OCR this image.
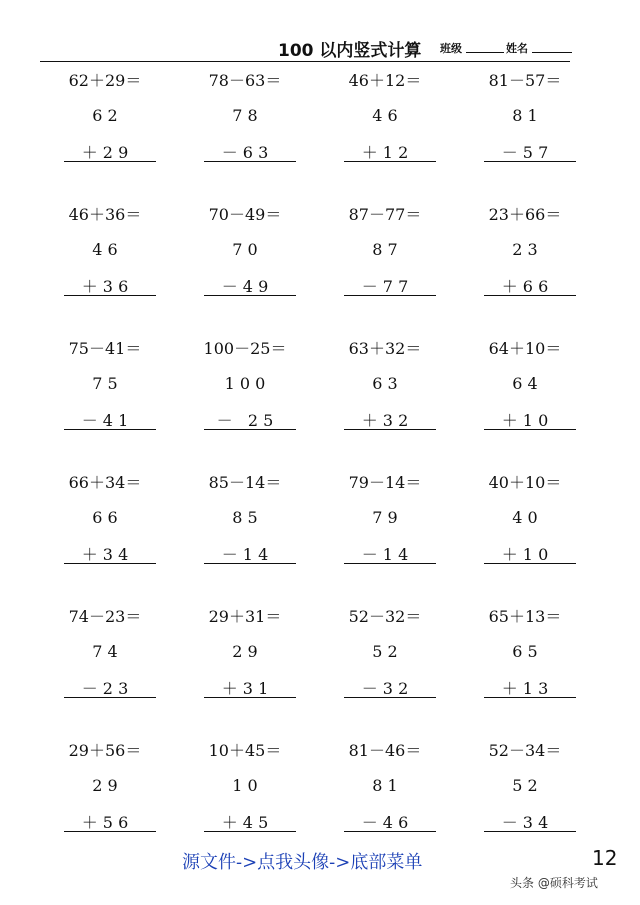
100 以内竖式计算 班级	姓名
62＋29＝
6 2
＋ 2 9
78－63＝
7 8
－ 6 3
46＋12＝
4 6
＋ 1 2
81－57＝
8 1
－ 5 7
46＋36＝
4 6
＋ 3 6
70－49＝
7 0
－ 4 9
87－77＝
8 7
－ 7 7
23＋66＝
2 3
＋ 6 6
75－41＝
7 5
－ 4 1
100－25＝
1 0 0
－   2 5
63＋32＝
6 3
＋ 3 2
64＋10＝
6 4
＋ 1 0
66＋34＝
6 6
＋ 3 4
85－14＝
8 5
－ 1 4
79－14＝
7 9
－ 1 4
40＋10＝
4 0
＋ 1 0
74－23＝
7 4
－ 2 3
29＋31＝
2 9
＋ 3 1
52－32＝
5 2
－ 3 2
65＋13＝
6 5
＋ 1 3
29＋56＝
2 9
＋ 5 6
10＋45＝
1 0
＋ 4 5
81－46＝
8 1
－ 4 6
52－34＝
5 2
－ 3 4
源文件->点我头像->底部菜单	12
头条 @硕科考试
